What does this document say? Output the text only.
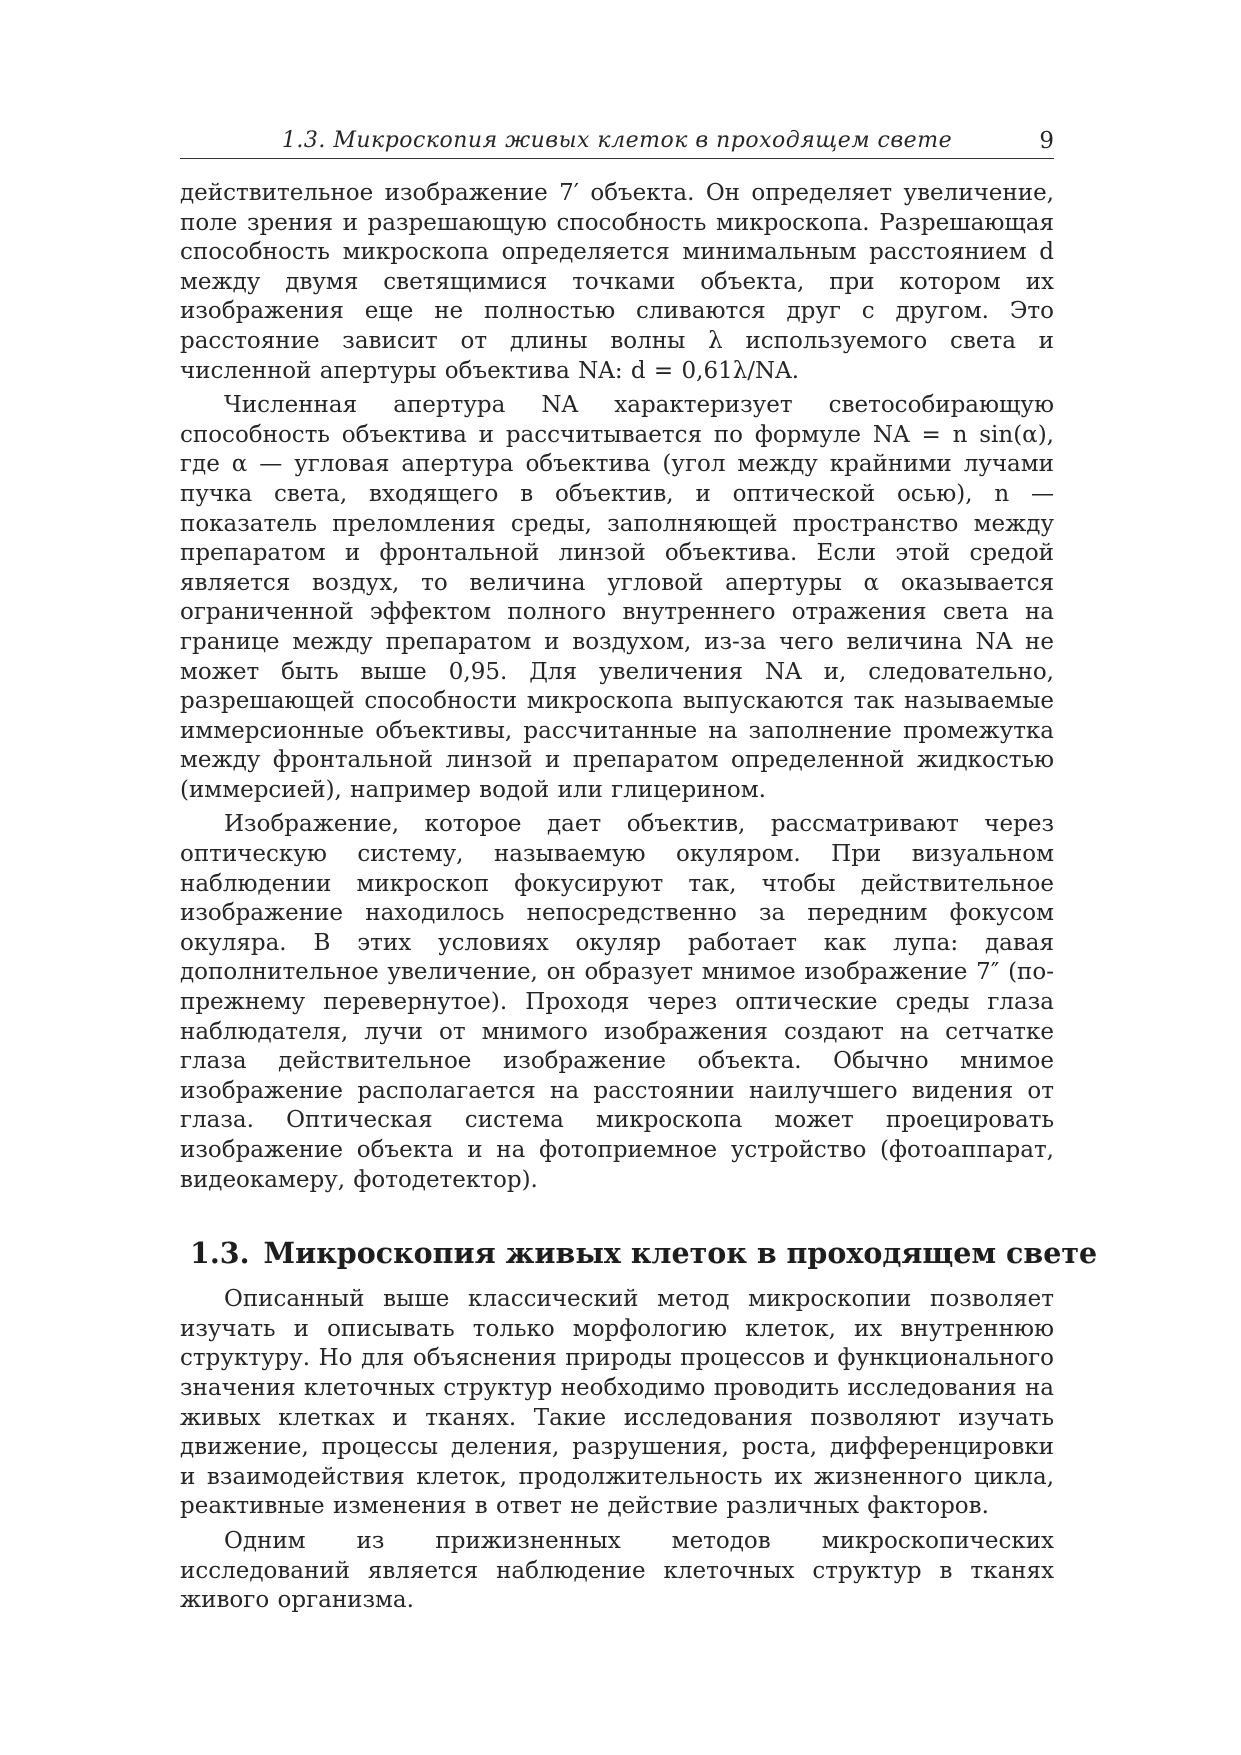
1.3. Микроскопия живых клеток в проходящем свете	9

действительное изображение 7′ объекта. Он определяет увеличение, поле зрения и разрешающую способность микроскопа. Разрешающая способность микроскопа определяется минимальным расстоянием d между двумя светящимися точками объекта, при котором их изображения еще не полностью сливаются друг с другом. Это расстояние зависит от длины волны λ используемого света и численной апертуры объектива NA: d = 0,61λ/NA.

Численная апертура NA характеризует светособирающую способность объектива и рассчитывается по формуле NA = n sin(α), где α — угловая апертура объектива (угол между крайними лучами пучка света, входящего в объектив, и оптической осью), n — показатель преломления среды, заполняющей пространство между препаратом и фронтальной линзой объектива. Если этой средой является воздух, то величина угловой апертуры α оказывается ограниченной эффектом полного внутреннего отражения света на границе между препаратом и воздухом, из-за чего величина NA не может быть выше 0,95. Для увеличения NA и, следовательно, разрешающей способности микроскопа выпускаются так называемые иммерсионные объективы, рассчитанные на заполнение промежутка между фронтальной линзой и препаратом определенной жидкостью (иммерсией), например водой или глицерином.

Изображение, которое дает объектив, рассматривают через оптическую систему, называемую окуляром. При визуальном наблюдении микроскоп фокусируют так, чтобы действительное изображение находилось непосредственно за передним фокусом окуляра. В этих условиях окуляр работает как лупа: давая дополнительное увеличение, он образует мнимое изображение 7″ (по-прежнему перевернутое). Проходя через оптические среды глаза наблюдателя, лучи от мнимого изображения создают на сетчатке глаза действительное изображение объекта. Обычно мнимое изображение располагается на расстоянии наилучшего видения от глаза. Оптическая система микроскопа может проецировать изображение объекта и на фотоприемное устройство (фотоаппарат, видеокамеру, фотодетектор).

1.3. Микроскопия живых клеток в проходящем свете

Описанный выше классический метод микроскопии позволяет изучать и описывать только морфологию клеток, их внутреннюю структуру. Но для объяснения природы процессов и функционального значения клеточных структур необходимо проводить исследования на живых клетках и тканях. Такие исследования позволяют изучать движение, процессы деления, разрушения, роста, дифференцировки и взаимодействия клеток, продолжительность их жизненного цикла, реактивные изменения в ответ не действие различных факторов.

Одним из прижизненных методов микроскопических исследований является наблюдение клеточных структур в тканях живого организма.
